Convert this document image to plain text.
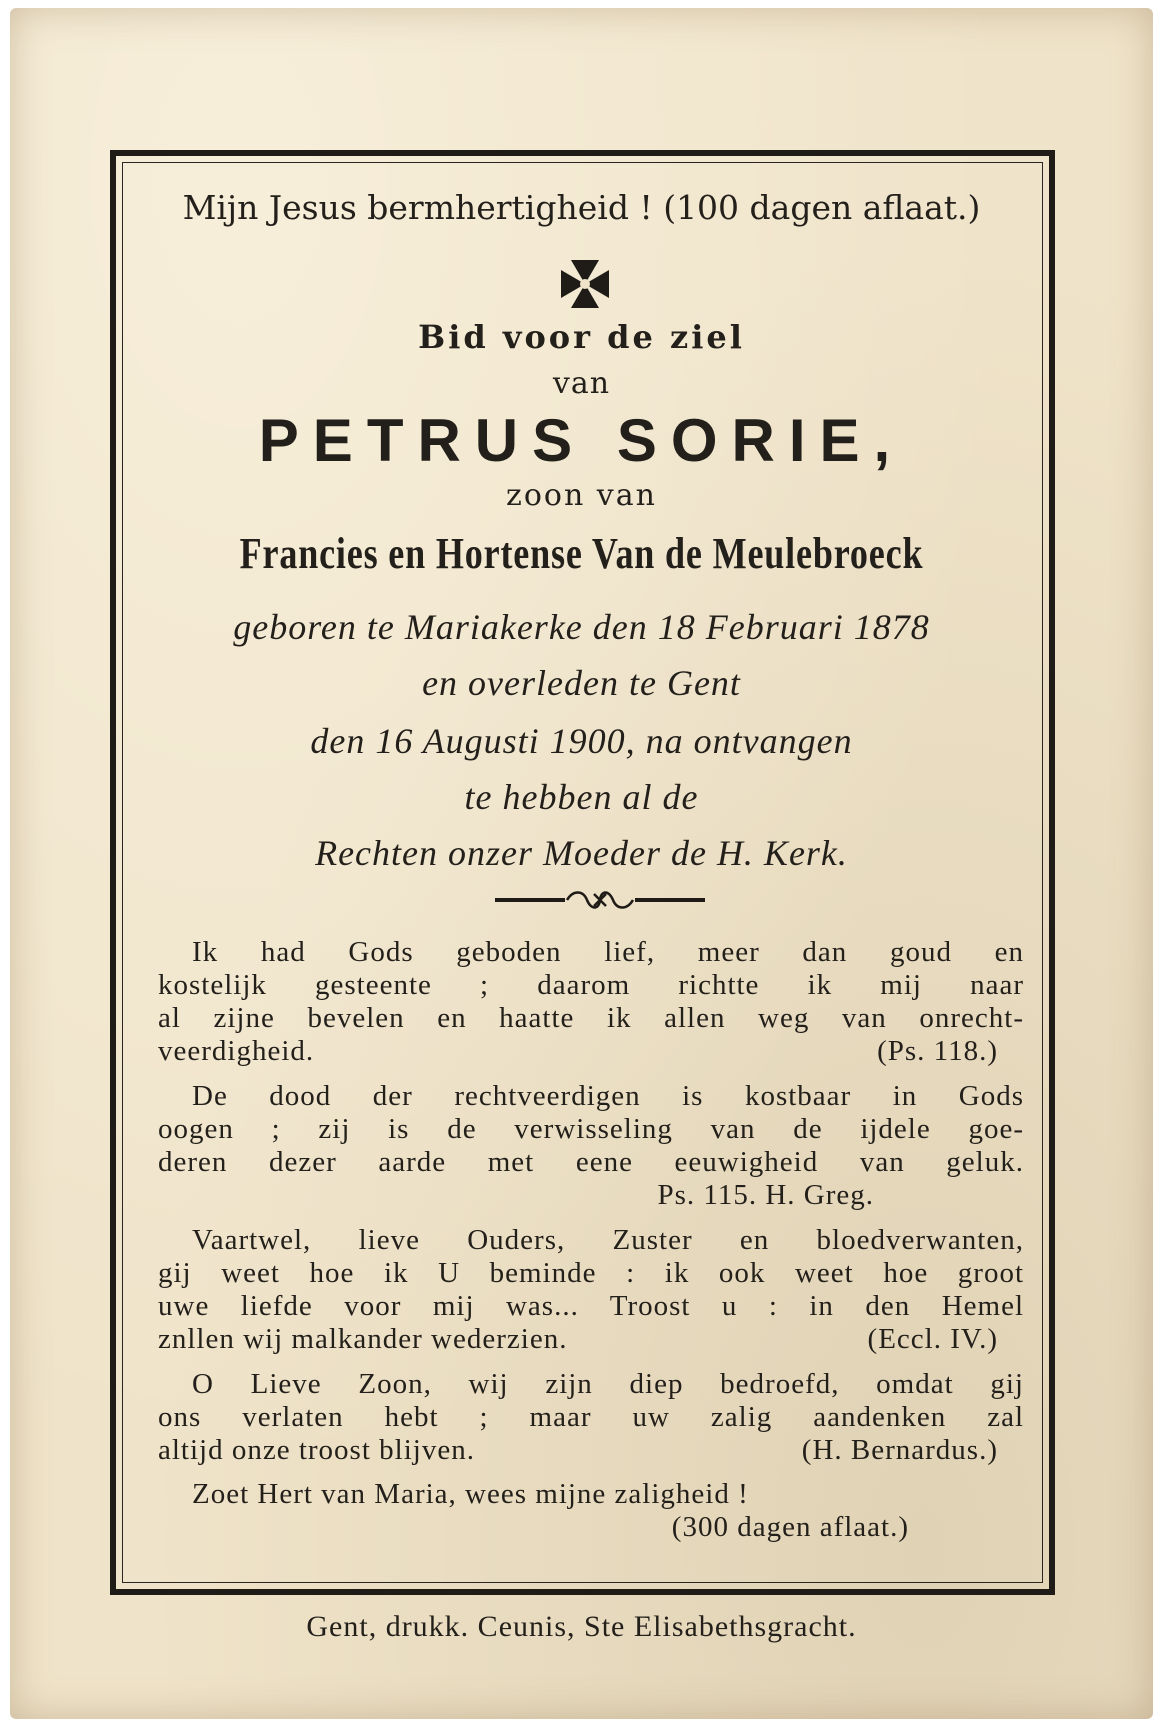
Mijn Jesus bermhertigheid ! (100 dagen aflaat.)
Bid voor de ziel
van
PETRUS SORIE,
zoon van
Francies en Hortense Van de Meulebroeck
geboren te Mariakerke den 18 Februari 1878
en overleden te Gent
den 16 Augusti 1900, na ontvangen
te hebben al de
Rechten onzer Moeder de H. Kerk.
Ik had Gods geboden lief, meer dan goud en
kostelijk gesteente ; daarom richtte ik mij naar
al zijne bevelen en haatte ik allen weg van onrecht-
veerdigheid.	(Ps. 118.)
De dood der rechtveerdigen is kostbaar in Gods
oogen ; zij is de verwisseling van de ijdele goe-
deren dezer aarde met eene eeuwigheid van geluk.
Ps. 115. H. Greg.
Vaartwel, lieve Ouders, Zuster en bloedverwanten,
gij weet hoe ik U beminde : ik ook weet hoe groot
uwe liefde voor mij was... Troost u : in den Hemel
znllen wij malkander wederzien.	(Eccl. IV.)
O Lieve Zoon, wij zijn diep bedroefd, omdat gij
ons verlaten hebt ; maar uw zalig aandenken zal
altijd onze troost blijven.	(H. Bernardus.)
Zoet Hert van Maria, wees mijne zaligheid !
(300 dagen aflaat.)
Gent, drukk. Ceunis, Ste Elisabethsgracht.
